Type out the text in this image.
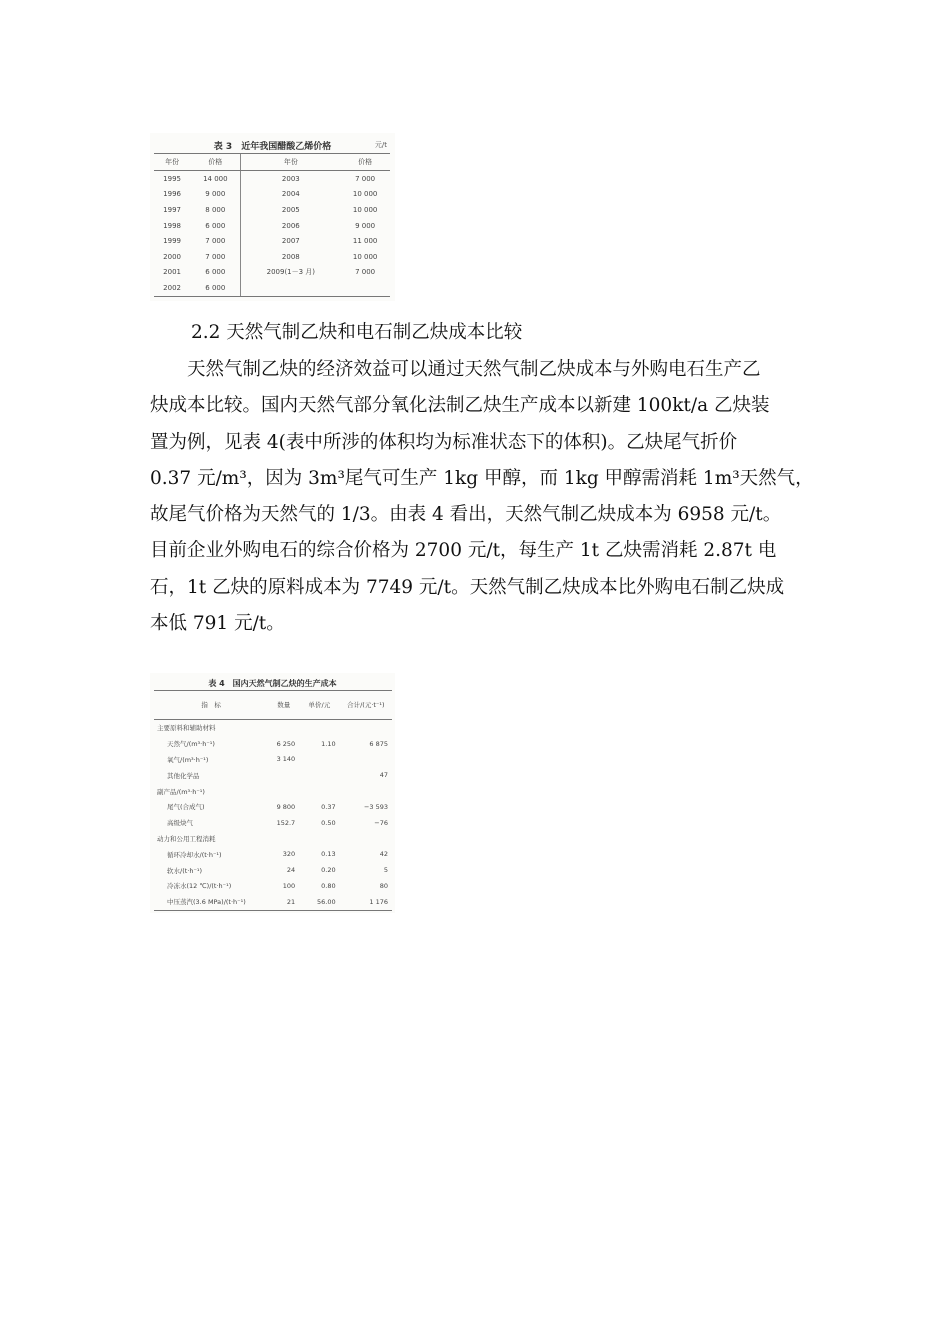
表 3　近年我国醋酸乙烯价格	元/t
年份	价格	年份	价格
1995	14 000	2003	7 000
1996	9 000	2004	10 000
1997	8 000	2005	10 000
1998	6 000	2006	9 000
1999	7 000	2007	11 000
2000	7 000	2008	10 000
2001	6 000	2009(1－3 月)	7 000
2002	6 000		
2.2 天然气制乙炔和电石制乙炔成本比较
天然气制乙炔的经济效益可以通过天然气制乙炔成本与外购电石生产乙
炔成本比较。国内天然气部分氧化法制乙炔生产成本以新建 100kt/a 乙炔装
置为例，见表 4(表中所涉的体积均为标准状态下的体积)。乙炔尾气折价
0.37 元/m³，因为 3m³尾气可生产 1kg 甲醇，而 1kg 甲醇需消耗 1m³天然气，
故尾气价格为天然气的 1/3。由表 4 看出，天然气制乙炔成本为 6958 元/t。
目前企业外购电石的综合价格为 2700 元/t，每生产 1t 乙炔需消耗 2.87t 电
石，1t 乙炔的原料成本为 7749 元/t。天然气制乙炔成本比外购电石制乙炔成
本低 791 元/t。
表 4　国内天然气制乙炔的生产成本
指　标	数量	单价/元	合计/(元·t⁻¹)
主要原料和辅助材料			
天然气/(m³·h⁻¹)	6 250	1.10	6 875
氧气/(m³·h⁻¹)	3 140		
其他化学品			47
副产品/(m³·h⁻¹)			
尾气(合成气)	9 800	0.37	−3 593
高级炔气	152.7	0.50	−76
动力和公用工程消耗			
循环冷却水/(t·h⁻¹)	320	0.13	42
软水/(t·h⁻¹)	24	0.20	5
冷冻水(12 ℃)/(t·h⁻¹)	100	0.80	80
中压蒸汽(3.6 MPa)/(t·h⁻¹)	21	56.00	1 176
